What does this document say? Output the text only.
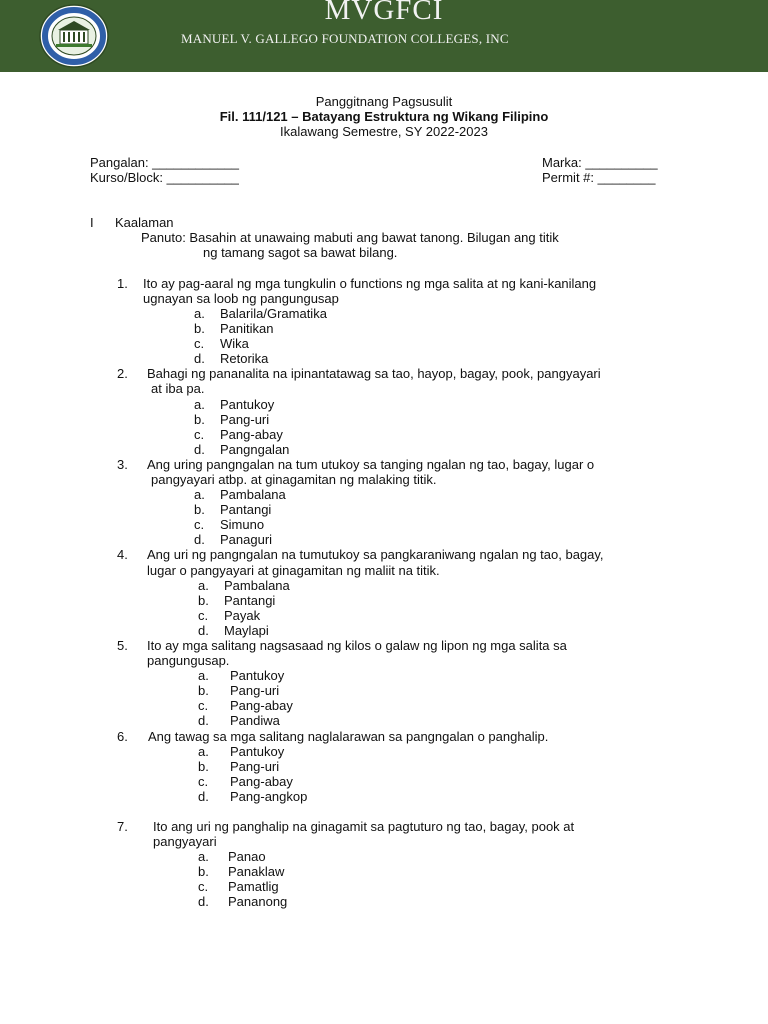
MVGFCI
MANUEL V. GALLEGO FOUNDATION COLLEGES, INC
Panggitnang Pagsusulit
Fil. 111/121 – Batayang Estruktura ng Wikang Filipino
Ikalawang Semestre, SY 2022-2023
Pangalan: ____________
Kurso/Block: __________
Marka: __________
Permit #: ________
I Kaalaman
Panuto: Basahin at unawaing mabuti ang bawat tanong. Bilugan ang titik
ng tamang sagot sa bawat bilang.
1. Ito ay pag-aaral ng mga tungkulin o functions ng mga salita at ng kani-kanilang
ugnayan sa loob ng pangungusap
a. Balarila/Gramatika
b. Panitikan
c. Wika
d. Retorika
2. Bahagi ng pananalita na ipinantatawag sa tao, hayop, bagay, pook, pangyayari
at iba pa.
a. Pantukoy
b. Pang-uri
c. Pang-abay
d. Pangngalan
3. Ang uring pangngalan na tum utukoy sa tanging ngalan ng tao, bagay, lugar o
pangyayari atbp. at ginagamitan ng malaking titik.
a. Pambalana
b. Pantangi
c. Simuno
d. Panaguri
4. Ang uri ng pangngalan na tumutukoy sa pangkaraniwang ngalan ng tao, bagay,
lugar o pangyayari at ginagamitan ng maliit na titik.
a. Pambalana
b. Pantangi
c. Payak
d. Maylapi
5. Ito ay mga salitang nagsasaad ng kilos o galaw ng lipon ng mga salita sa
pangungusap.
a. Pantukoy
b. Pang-uri
c. Pang-abay
d. Pandiwa
6. Ang tawag sa mga salitang naglalarawan sa pangngalan o panghalip.
a. Pantukoy
b. Pang-uri
c. Pang-abay
d. Pang-angkop
7. Ito ang uri ng panghalip na ginagamit sa pagtuturo ng tao, bagay, pook at
pangyayari
a. Panao
b. Panaklaw
c. Pamatlig
d. Pananong
